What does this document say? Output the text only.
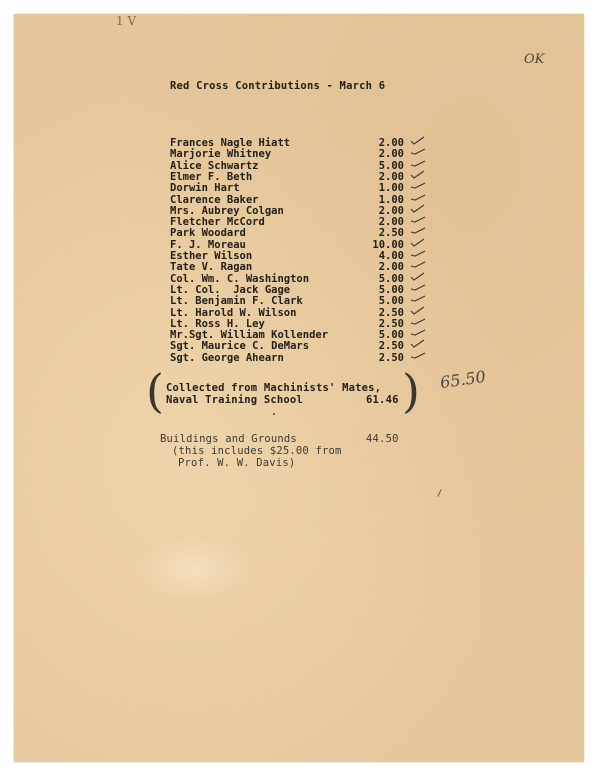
1 V
OK
Red Cross Contributions - March 6
Frances Nagle Hiatt	2.00
Marjorie Whitney	2.00
Alice Schwartz	5.00
Elmer F. Beth	2.00
Dorwin Hart	1.00
Clarence Baker	1.00
Mrs. Aubrey Colgan	2.00
Fletcher McCord	2.00
Park Woodard	2.50
F. J. Moreau	10.00
Esther Wilson	4.00
Tate V. Ragan	2.00
Col. Wm. C. Washington	5.00
Lt. Col.  Jack Gage	5.00
Lt. Benjamin F. Clark	5.00
Lt. Harold W. Wilson	2.50
Lt. Ross H. Ley	2.50
Mr.Sgt. William Kollender	5.00
Sgt. Maurice C. DeMars	2.50
Sgt. George Ahearn	2.50
65.50
(	)
Collected from Machinists' Mates,
Naval Training School	61.46
Buildings and Grounds	44.50
(this includes $25.00 from
Prof. W. W. Davis)
